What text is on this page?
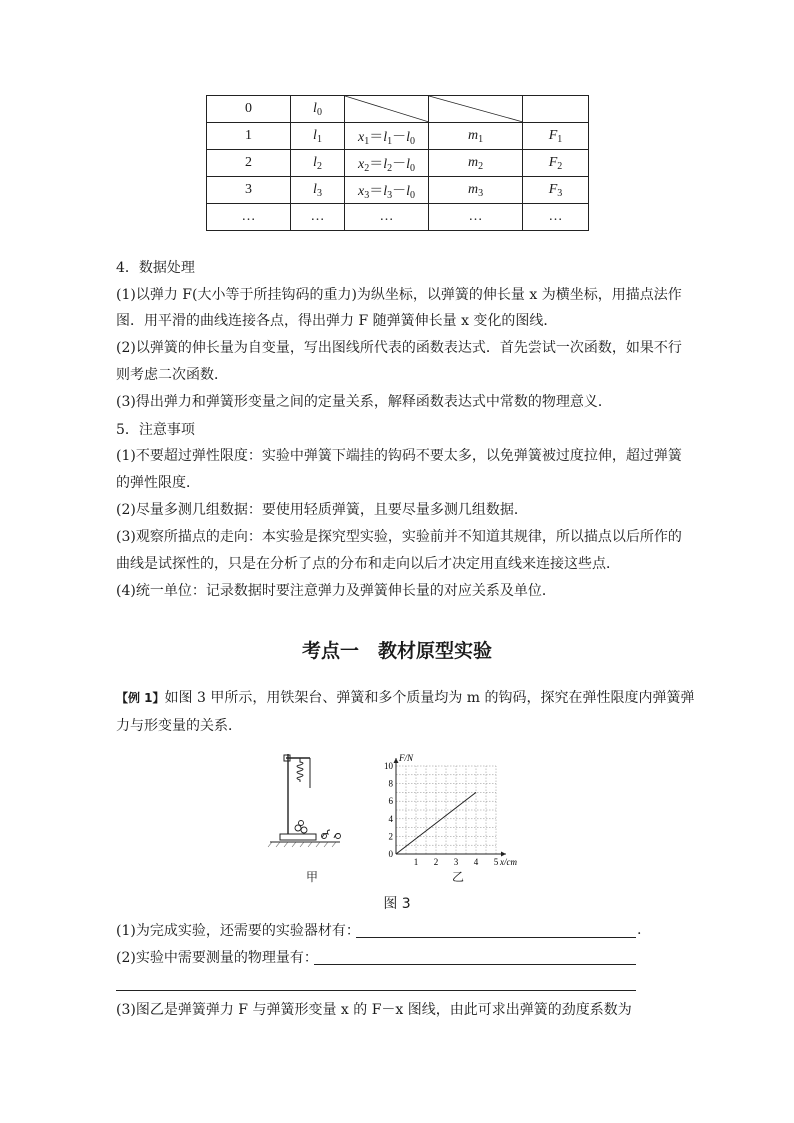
0	$l_0$	

1	$l_1$	$x_1=l_1-l_0$	$m_1$	$F_1$
2	$l_2$	$x_2=l_2-l_0$	$m_2$	$F_2$
3	$l_3$	$x_3=l_3-l_0$	$m_3$	$F_3$
…	…	…	…	…
4．数据处理
(1)以弹力 F(大小等于所挂钩码的重力)为纵坐标，以弹簧的伸长量 x 为横坐标，用描点法作
图．用平滑的曲线连接各点，得出弹力 F 随弹簧伸长量 x 变化的图线．
(2)以弹簧的伸长量为自变量，写出图线所代表的函数表达式．首先尝试一次函数，如果不行
则考虑二次函数．
(3)得出弹力和弹簧形变量之间的定量关系，解释函数表达式中常数的物理意义．
5．注意事项
(1)不要超过弹性限度：实验中弹簧下端挂的钩码不要太多，以免弹簧被过度拉伸，超过弹簧
的弹性限度．
(2)尽量多测几组数据：要使用轻质弹簧，且要尽量多测几组数据．
(3)观察所描点的走向：本实验是探究型实验，实验前并不知道其规律，所以描点以后所作的
曲线是试探性的，只是在分析了点的分布和走向以后才决定用直线来连接这些点．
(4)统一单位：记录数据时要注意弹力及弹簧伸长量的对应关系及单位．
考点一　教材原型实验
【例 1】如图 3 甲所示，用铁架台、弹簧和多个质量均为 m 的钩码，探究在弹性限度内弹簧弹
力与形变量的关系．
甲
1 2 3 4 5
2
4
6
8
10
0
F/N
x/cm
乙
图 3
(1)为完成实验，还需要的实验器材有：	.
(2)实验中需要测量的物理量有：
(3)图乙是弹簧弹力 F 与弹簧形变量 x 的 F－x 图线，由此可求出弹簧的劲度系数为
